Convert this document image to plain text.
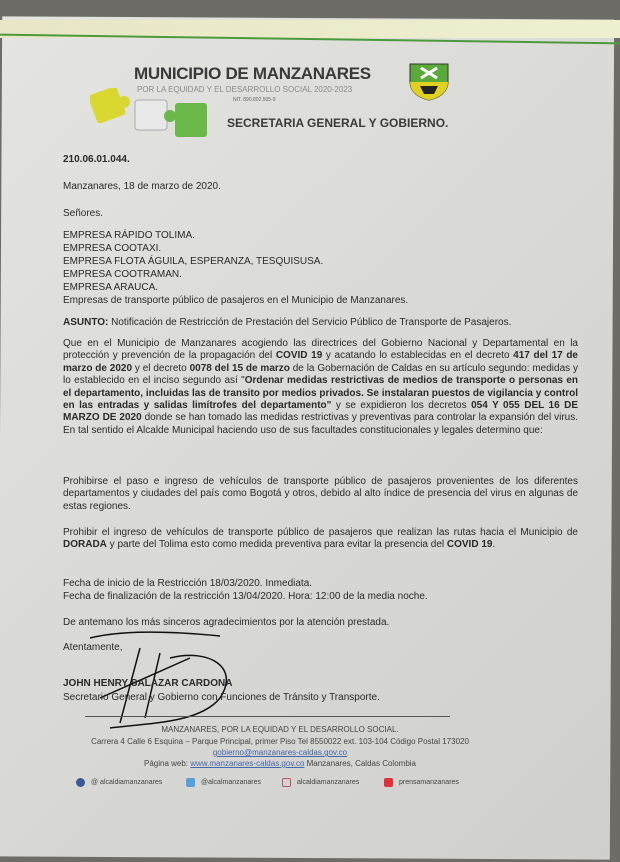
MUNICIPIO DE MANZANARES
POR LA EQUIDAD Y EL DESARROLLO SOCIAL 2020-2023
NIT. 890.802.505-9
SECRETARIA GENERAL Y GOBIERNO.
210.06.01.044.
Manzanares, 18 de marzo de 2020.
Señores.
EMPRESA RÁPIDO TOLIMA.
EMPRESA COOTAXI.
EMPRESA FLOTA ÁGUILA, ESPERANZA, TESQUISUSA.
EMPRESA COOTRAMAN.
EMPRESA ARAUCA.
Empresas de transporte público de pasajeros en el Municipio de Manzanares.
ASUNTO: Notificación de Restricción de Prestación del Servicio Público de Transporte de Pasajeros.
Que en el Municipio de Manzanares acogiendo las directrices del Gobierno Nacional y Departamental en la protección y prevención de la propagación del COVID 19 y acatando lo establecidas en el decreto 417 del 17 de marzo de 2020 y el decreto 0078 del 15 de marzo de la Gobernación de Caldas en su artículo segundo: medidas y lo establecido en el inciso segundo así "Ordenar medidas restrictivas de medios de transporte o personas en el departamento, incluidas las de transito por medios privados. Se instalaran puestos de vigilancia y control en las entradas y salidas limítrofes del departamento" y se expidieron los decretos 054 Y 055 DEL 16 DE MARZO DE 2020 donde se han tomado las medidas restrictivas y preventivas para controlar la expansión del virus. En tal sentido el Alcalde Municipal haciendo uso de sus facultades constitucionales y legales determino que:
Prohibirse el paso e ingreso de vehículos de transporte público de pasajeros provenientes de los diferentes departamentos y ciudades del país como Bogotá y otros, debido al alto índice de presencia del virus en algunas de estas regiones.
Prohibir el ingreso de vehículos de transporte público de pasajeros que realizan las rutas hacia el Municipio de DORADA y parte del Tolima esto como medida preventiva para evitar la presencia del COVID 19.
Fecha de inicio de la Restricción 18/03/2020. Inmediata.
Fecha de finalización de la restricción 13/04/2020. Hora: 12:00 de la media noche.
De antemano los más sinceros agradecimientos por la atención prestada.
Atentamente,
JOHN HENRY SALAZAR CARDONA
Secretario General y Gobierno con Funciones de Tránsito y Transporte.
MANZANARES, POR LA EQUIDAD Y EL DESARROLLO SOCIAL.
Carrera 4 Calle 6 Esquina – Parque Principal, primer Piso Tel 8550022 ext. 103-104 Código Postal 173020
gobierno@manzanares-caldas.gov.co
Página web: www.manzanares-caldas.gov.co Manzanares, Caldas Colombia
@ alcaldiamanzanares	@alcalmanzanares	alcaldiamanzanares	prensamanzanares
